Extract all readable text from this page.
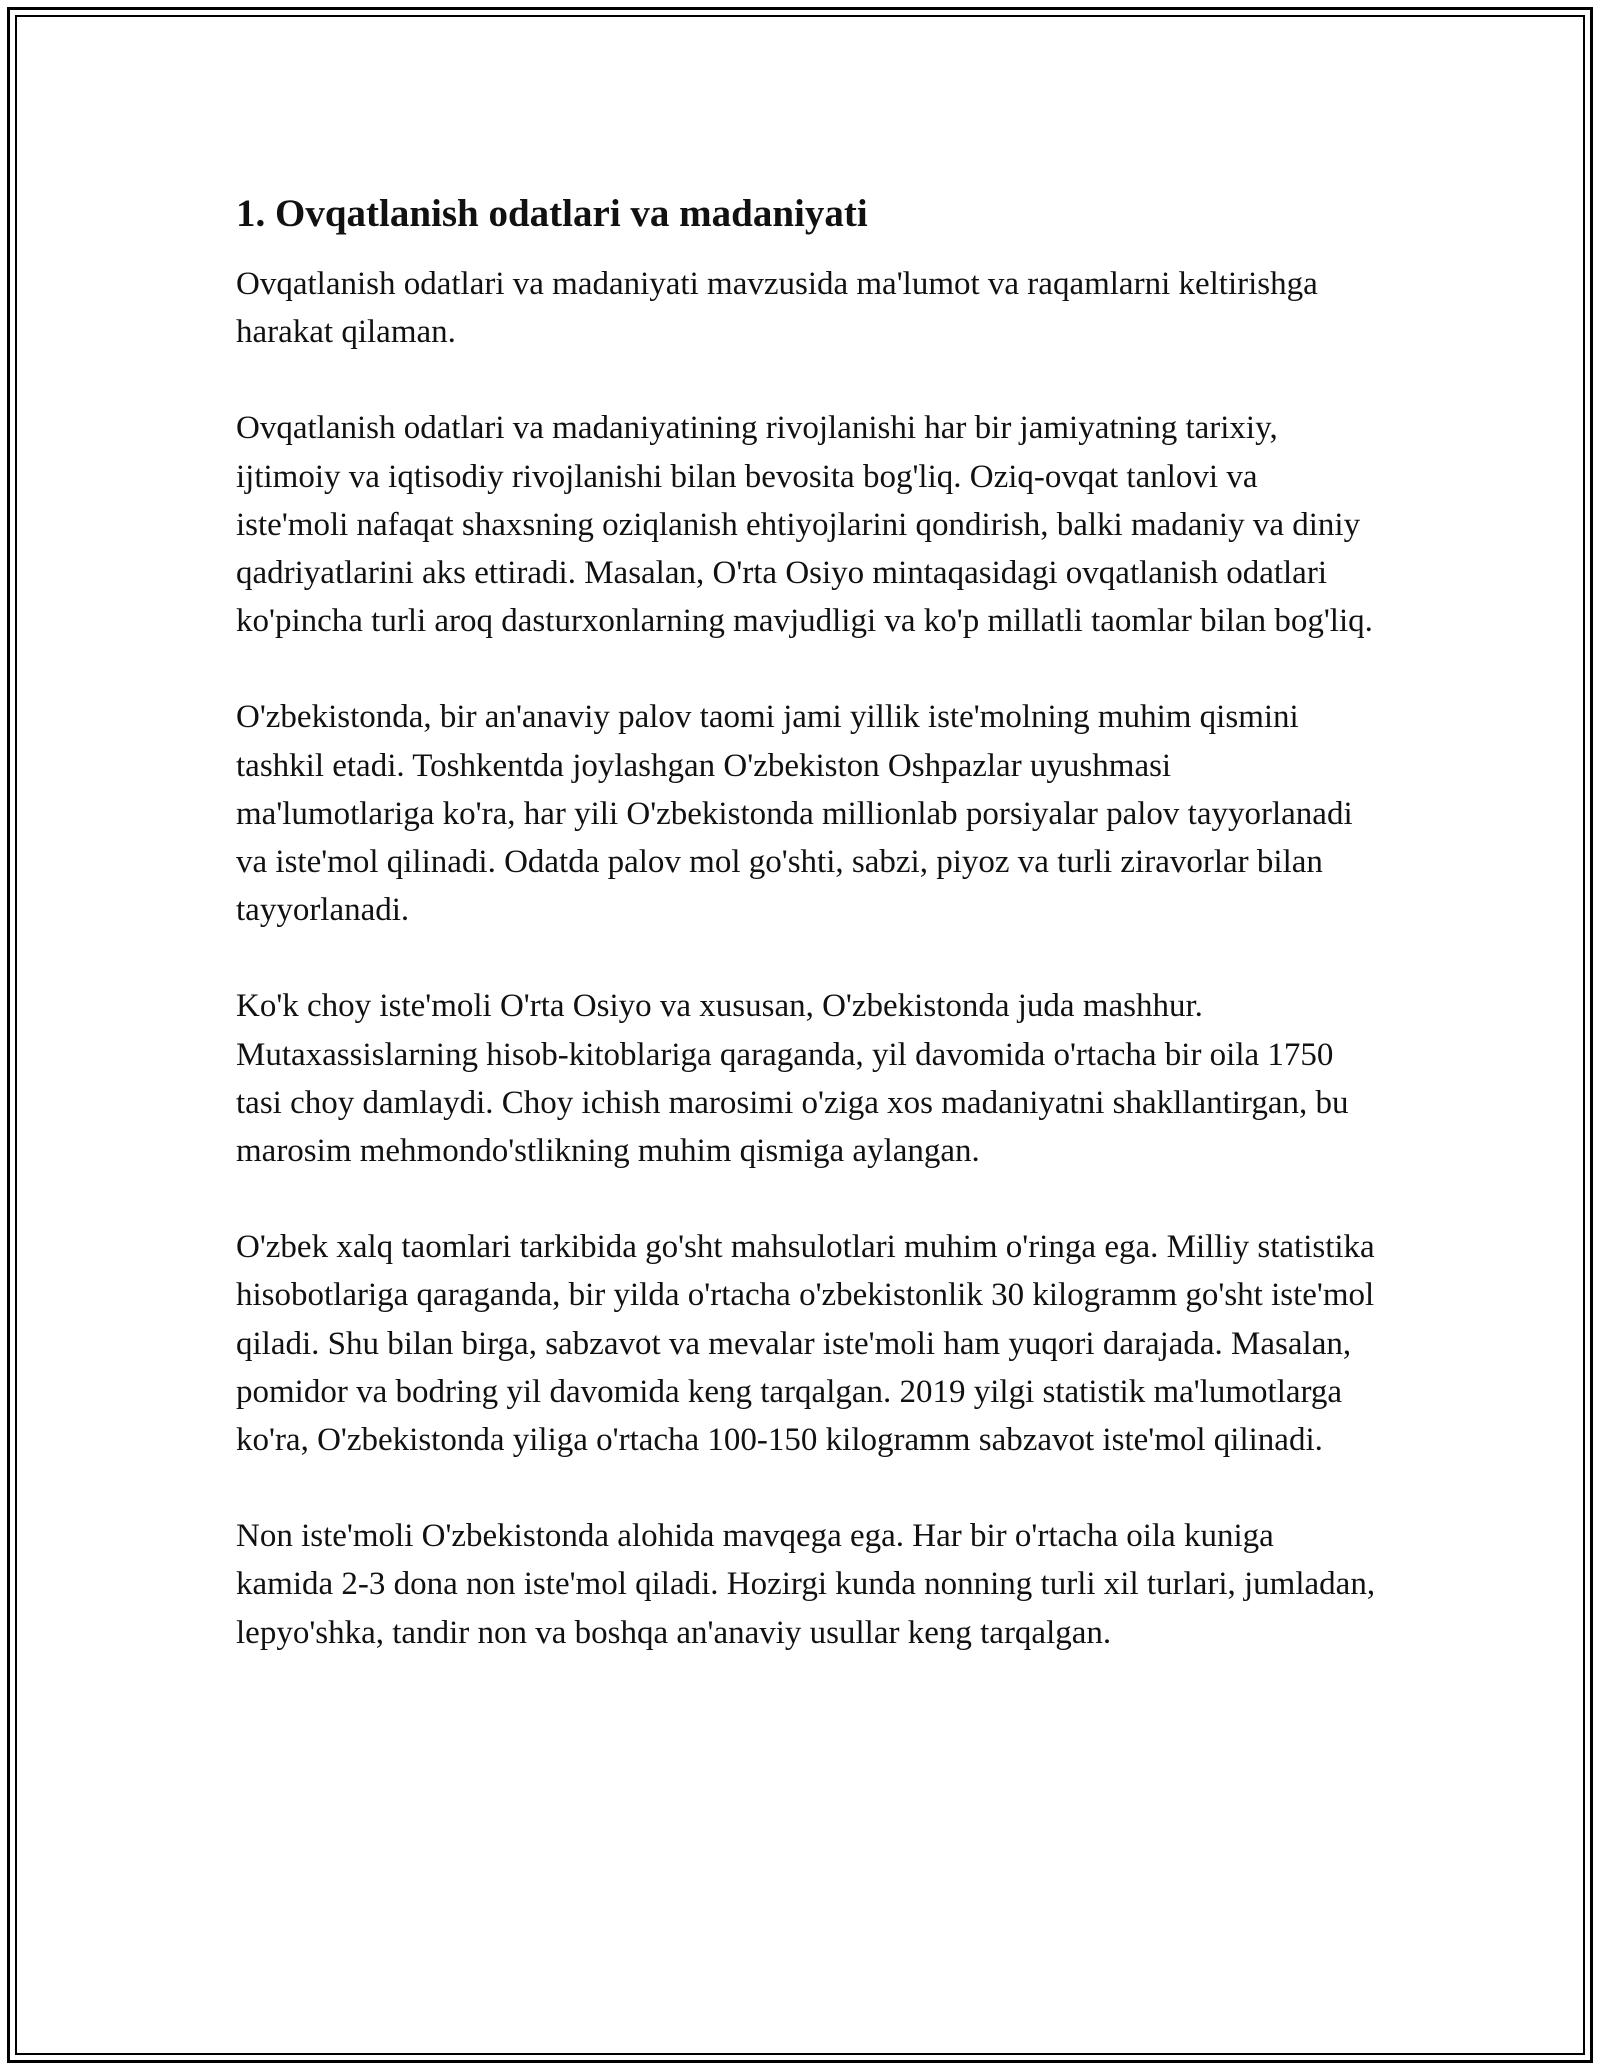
1. Ovqatlanish odatlari va madaniyati

Ovqatlanish odatlari va madaniyati mavzusida ma'lumot va raqamlarni keltirishga harakat qilaman.

Ovqatlanish odatlari va madaniyatining rivojlanishi har bir jamiyatning tarixiy, ijtimoiy va iqtisodiy rivojlanishi bilan bevosita bog'liq. Oziq-ovqat tanlovi va iste'moli nafaqat shaxsning oziqlanish ehtiyojlarini qondirish, balki madaniy va diniy qadriyatlarini aks ettiradi. Masalan, O'rta Osiyo mintaqasidagi ovqatlanish odatlari ko'pincha turli aroq dasturxonlarning mavjudligi va ko'p millatli taomlar bilan bog'liq.

O'zbekistonda, bir an'anaviy palov taomi jami yillik iste'molning muhim qismini tashkil etadi. Toshkentda joylashgan O'zbekiston Oshpazlar uyushmasi ma'lumotlariga ko'ra, har yili O'zbekistonda millionlab porsiyalar palov tayyorlanadi va iste'mol qilinadi. Odatda palov mol go'shti, sabzi, piyoz va turli ziravorlar bilan tayyorlanadi.

Ko'k choy iste'moli O'rta Osiyo va xususan, O'zbekistonda juda mashhur. Mutaxassislarning hisob-kitoblariga qaraganda, yil davomida o'rtacha bir oila 1750 tasi choy damlaydi. Choy ichish marosimi o'ziga xos madaniyatni shakllantirgan, bu marosim mehmondo'stlikning muhim qismiga aylangan.

O'zbek xalq taomlari tarkibida go'sht mahsulotlari muhim o'ringa ega. Milliy statistika hisobotlariga qaraganda, bir yilda o'rtacha o'zbekistonlik 30 kilogramm go'sht iste'mol qiladi. Shu bilan birga, sabzavot va mevalar iste'moli ham yuqori darajada. Masalan, pomidor va bodring yil davomida keng tarqalgan. 2019 yilgi statistik ma'lumotlarga ko'ra, O'zbekistonda yiliga o'rtacha 100-150 kilogramm sabzavot iste'mol qilinadi.

Non iste'moli O'zbekistonda alohida mavqega ega. Har bir o'rtacha oila kuniga kamida 2-3 dona non iste'mol qiladi. Hozirgi kunda nonning turli xil turlari, jumladan, lepyo'shka, tandir non va boshqa an'anaviy usullar keng tarqalgan.
